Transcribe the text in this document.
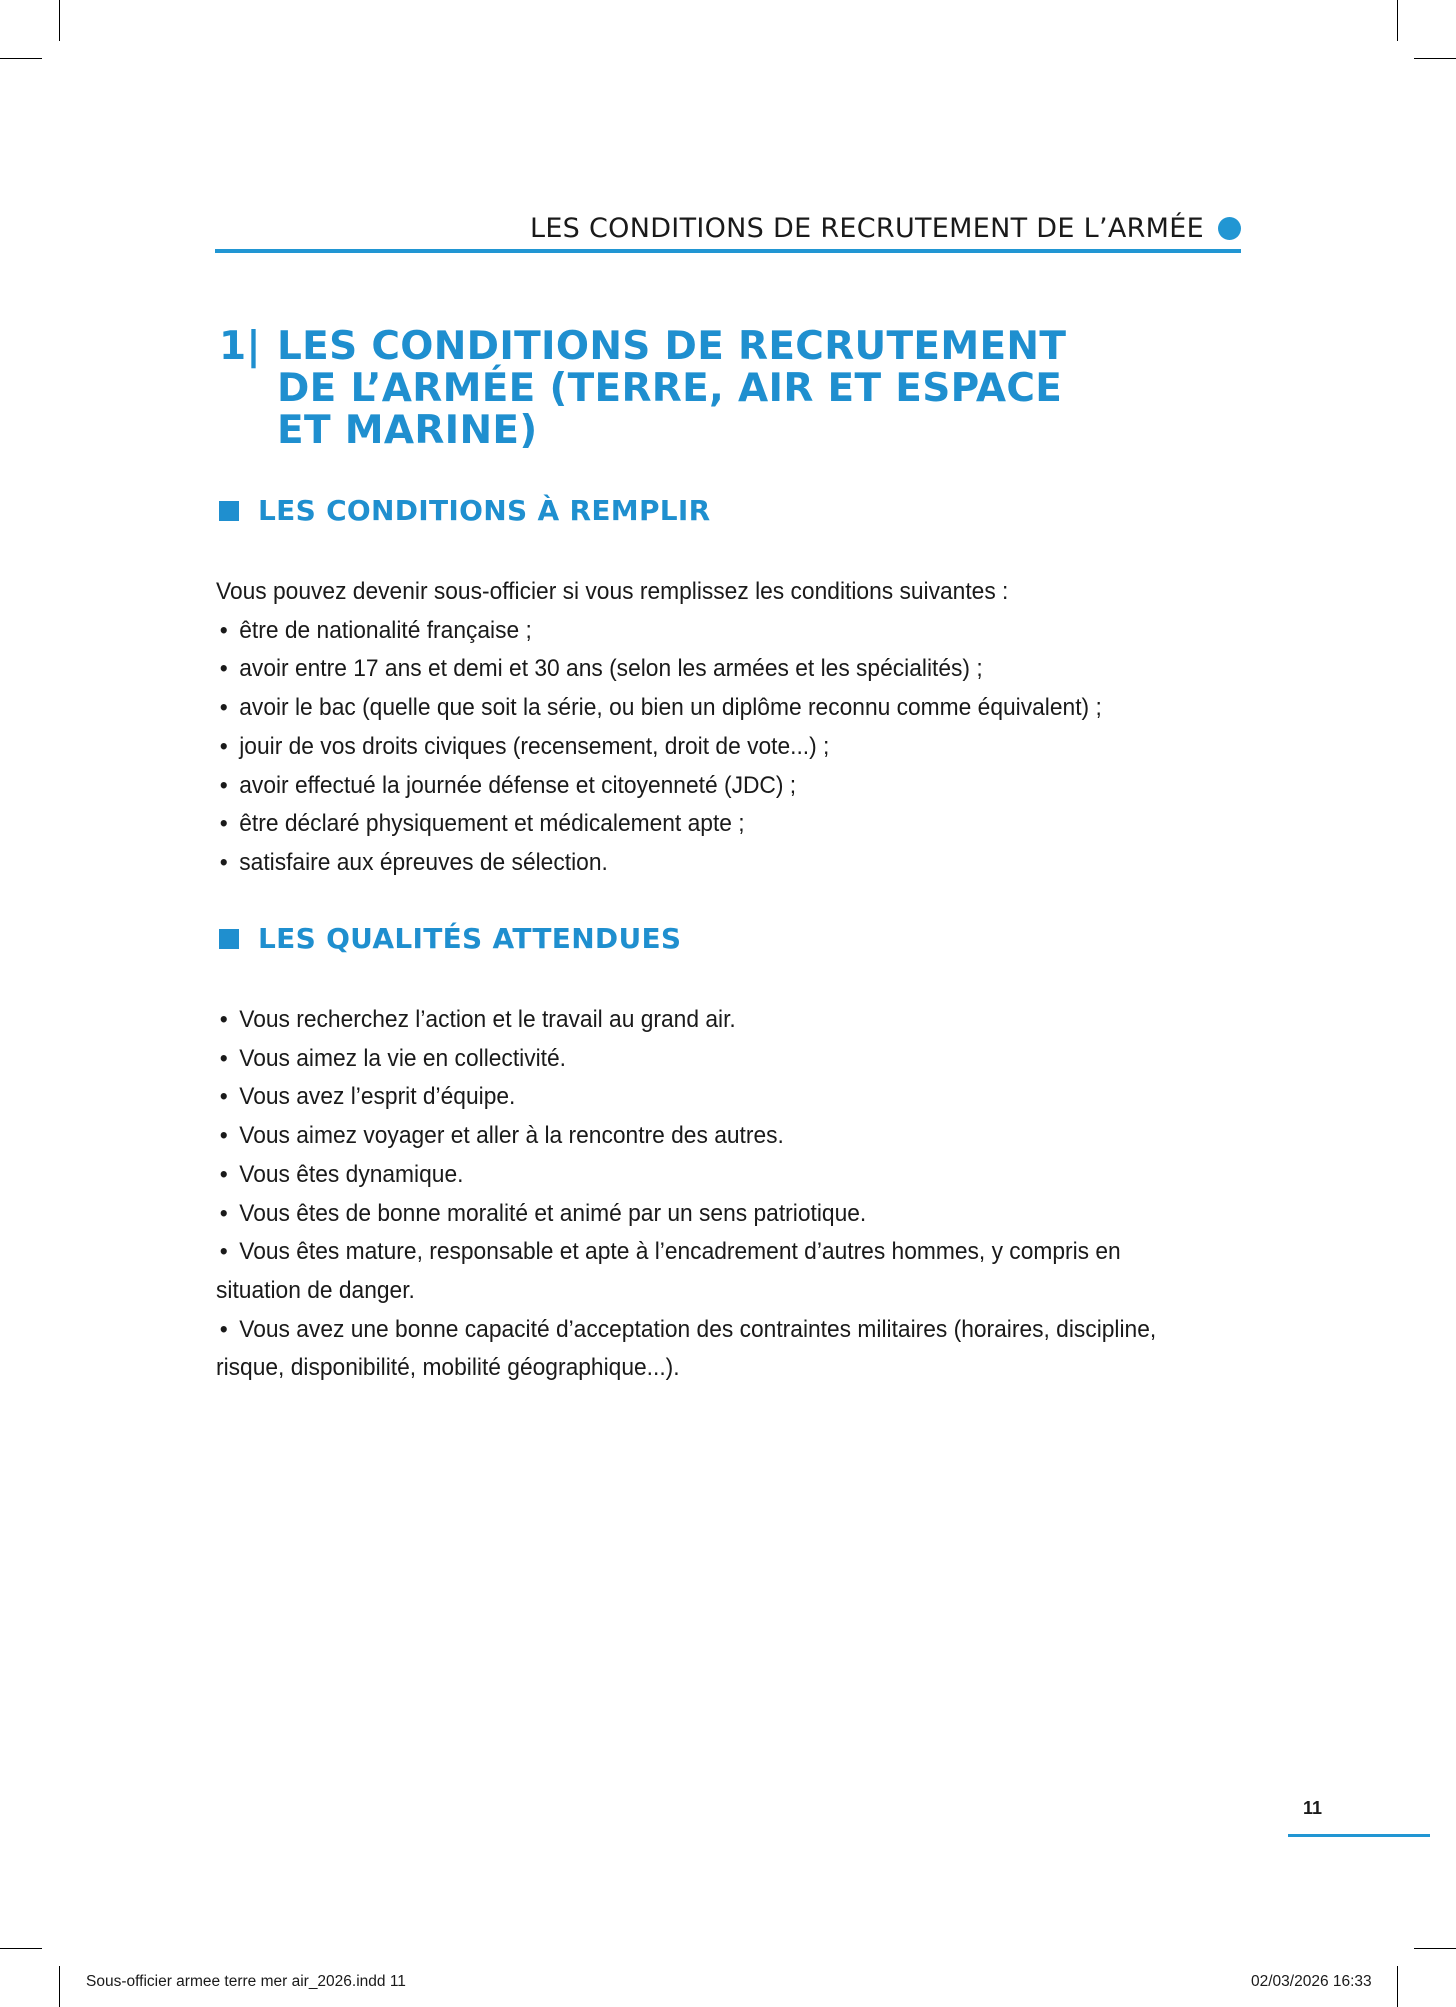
LES CONDITIONS DE RECRUTEMENT DE L’ARMÉE
1| LES CONDITIONS DE RECRUTEMENT
DE L’ARMÉE (TERRE, AIR ET ESPACE
ET MARINE)
LES CONDITIONS À REMPLIR

Vous pouvez devenir sous-officier si vous remplissez les conditions suivantes :

• être de nationalité française ;
• avoir entre 17 ans et demi et 30 ans (selon les armées et les spécialités) ;
• avoir le bac (quelle que soit la série, ou bien un diplôme reconnu comme équivalent) ;
• jouir de vos droits civiques (recensement, droit de vote...) ;
• avoir effectué la journée défense et citoyenneté (JDC) ;
• être déclaré physiquement et médicalement apte ;
• satisfaire aux épreuves de sélection.
LES QUALITÉS ATTENDUES
• Vous recherchez l’action et le travail au grand air.
• Vous aimez la vie en collectivité.
• Vous avez l’esprit d’équipe.
• Vous aimez voyager et aller à la rencontre des autres.
• Vous êtes dynamique.
• Vous êtes de bonne moralité et animé par un sens patriotique.
• Vous êtes mature, responsable et apte à l’encadrement d’autres hommes, y compris en situation de danger.
• Vous avez une bonne capacité d’acceptation des contraintes militaires (horaires, discipline, risque, disponibilité, mobilité géographique...).
11
Sous-officier armee terre mer air_2026.indd 11	02/03/2026 16:33
